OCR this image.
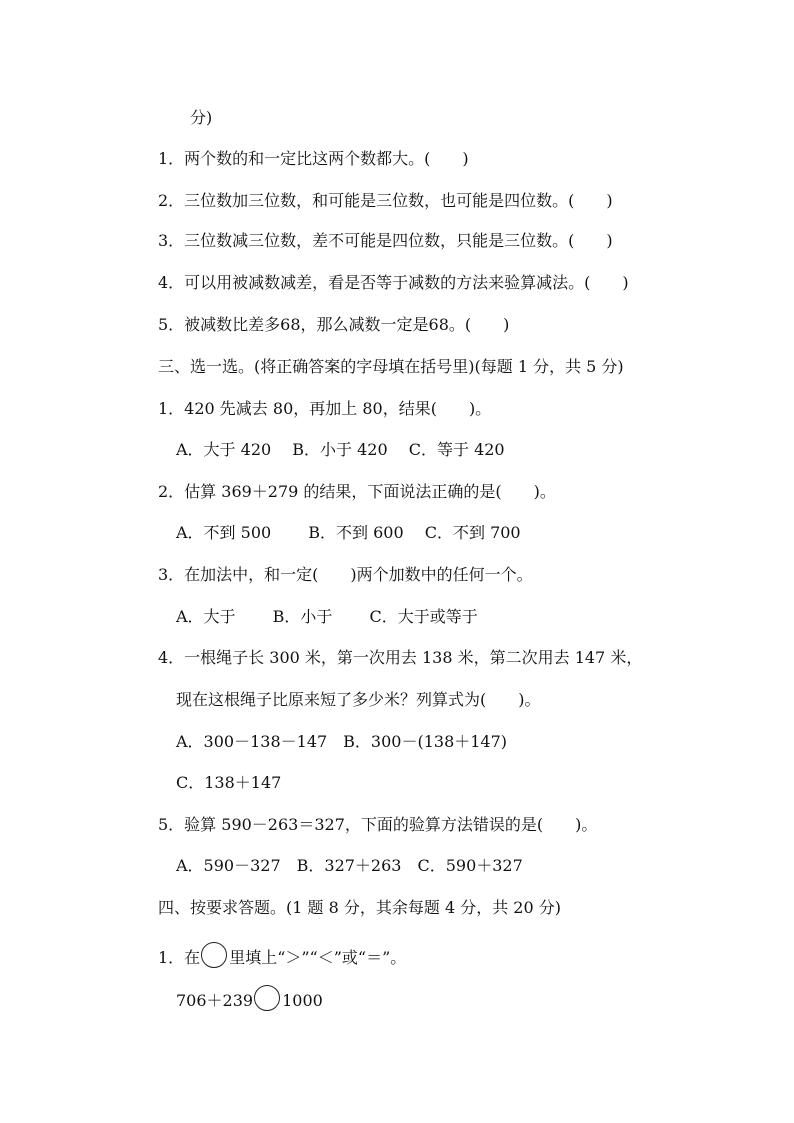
分)
1．两个数的和一定比这两个数都大。(　　)
2．三位数加三位数，和可能是三位数，也可能是四位数。(　　)
3．三位数减三位数，差不可能是四位数，只能是三位数。(　　)
4．可以用被减数减差，看是否等于减数的方法来验算减法。(　　)
5．被减数比差多68，那么减数一定是68。(　　)
三、选一选。(将正确答案的字母填在括号里)(每题 1 分，共 5 分)
1．420 先减去 80，再加上 80，结果(　　)。
A．大于 420　 B．小于 420　 C．等于 420
2．估算 369＋279 的结果，下面说法正确的是(　　)。
A．不到 500　　 B．不到 600　 C．不到 700
3．在加法中，和一定(　　)两个加数中的任何一个。
A．大于　　 B．小于　　 C．大于或等于
4．一根绳子长 300 米，第一次用去 138 米，第二次用去 147 米，
现在这根绳子比原来短了多少米？列算式为(　　)。
A．300－138－147　B．300－(138＋147)
C．138＋147
5．验算 590－263＝327，下面的验算方法错误的是(　　)。
A．590－327　B．327＋263　C．590＋327
四、按要求答题。(1 题 8 分，其余每题 4 分，共 20 分)
1．在 里填上“＞”“＜”或“＝”。
706＋239 1000
